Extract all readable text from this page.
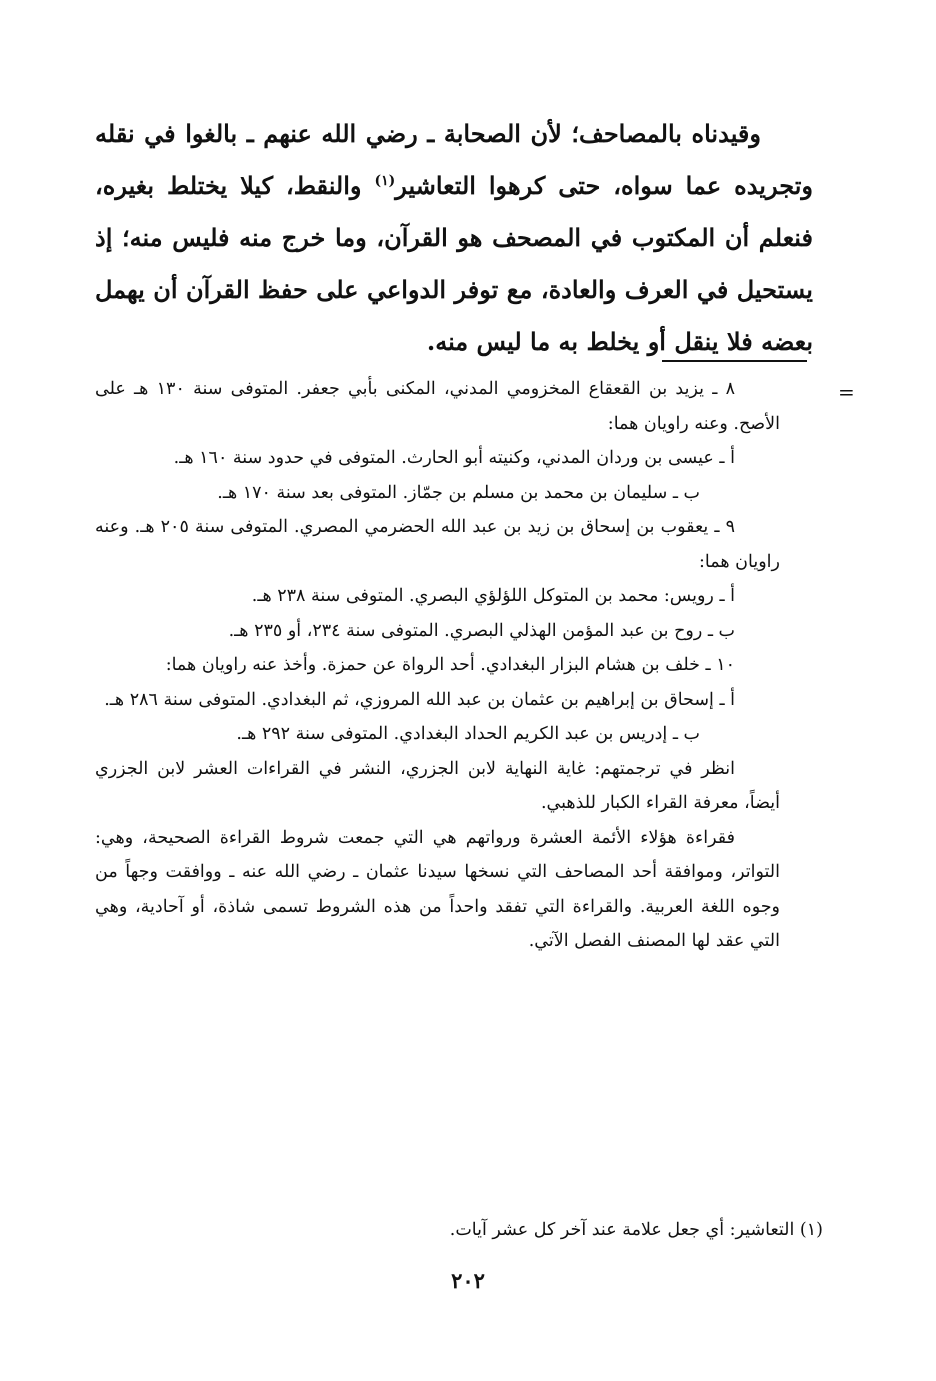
وقيدناه بالمصاحف؛ لأن الصحابة ـ رضي الله عنهم ـ بالغوا في نقله وتجريده عما سواه، حتى كرهوا التعاشير$^{(١)}$ والنقط، كيلا يختلط بغيره، فنعلم أن المكتوب في المصحف هو القرآن، وما خرج منه فليس منه؛ إذ يستحيل في العرف والعادة، مع توفر الدواعي على حفظ القرآن أن يهمل بعضه فلا ينقل أو يخلط به ما ليس منه.

=

٨ ـ يزيد بن القعقاع المخزومي المدني، المكنى بأبي جعفر. المتوفى سنة ١٣٠ هـ على الأصح. وعنه راويان هما:

أ ـ عيسى بن وردان المدني، وكنيته أبو الحارث. المتوفى في حدود سنة ١٦٠ هـ.

ب ـ سليمان بن محمد بن مسلم بن جمّاز. المتوفى بعد سنة ١٧٠ هـ.

٩ ـ يعقوب بن إسحاق بن زيد بن عبد الله الحضرمي المصري. المتوفى سنة ٢٠٥ هـ. وعنه راويان هما:

أ ـ رويس: محمد بن المتوكل اللؤلؤي البصري. المتوفى سنة ٢٣٨ هـ.

ب ـ روح بن عبد المؤمن الهذلي البصري. المتوفى سنة ٢٣٤، أو ٢٣٥ هـ.

١٠ ـ خلف بن هشام البزار البغدادي. أحد الرواة عن حمزة. وأخذ عنه راويان هما:

أ ـ إسحاق بن إبراهيم بن عثمان بن عبد الله المروزي، ثم البغدادي. المتوفى سنة ٢٨٦ هـ.

ب ـ إدريس بن عبد الكريم الحداد البغدادي. المتوفى سنة ٢٩٢ هـ.

انظر في ترجمتهم: غاية النهاية لابن الجزري، النشر في القراءات العشر لابن الجزري أيضاً، معرفة القراء الكبار للذهبي.

فقراءة هؤلاء الأئمة العشرة ورواتهم هي التي جمعت شروط القراءة الصحيحة، وهي: التواتر، وموافقة أحد المصاحف التي نسخها سيدنا عثمان ـ رضي الله عنه ـ ووافقت وجهاً من وجوه اللغة العربية. والقراءة التي تفقد واحداً من هذه الشروط تسمى شاذة، أو آحادية، وهي التي عقد لها المصنف الفصل الآتي.

(١) التعاشير: أي جعل علامة عند آخر كل عشر آيات.
٢٠٢
